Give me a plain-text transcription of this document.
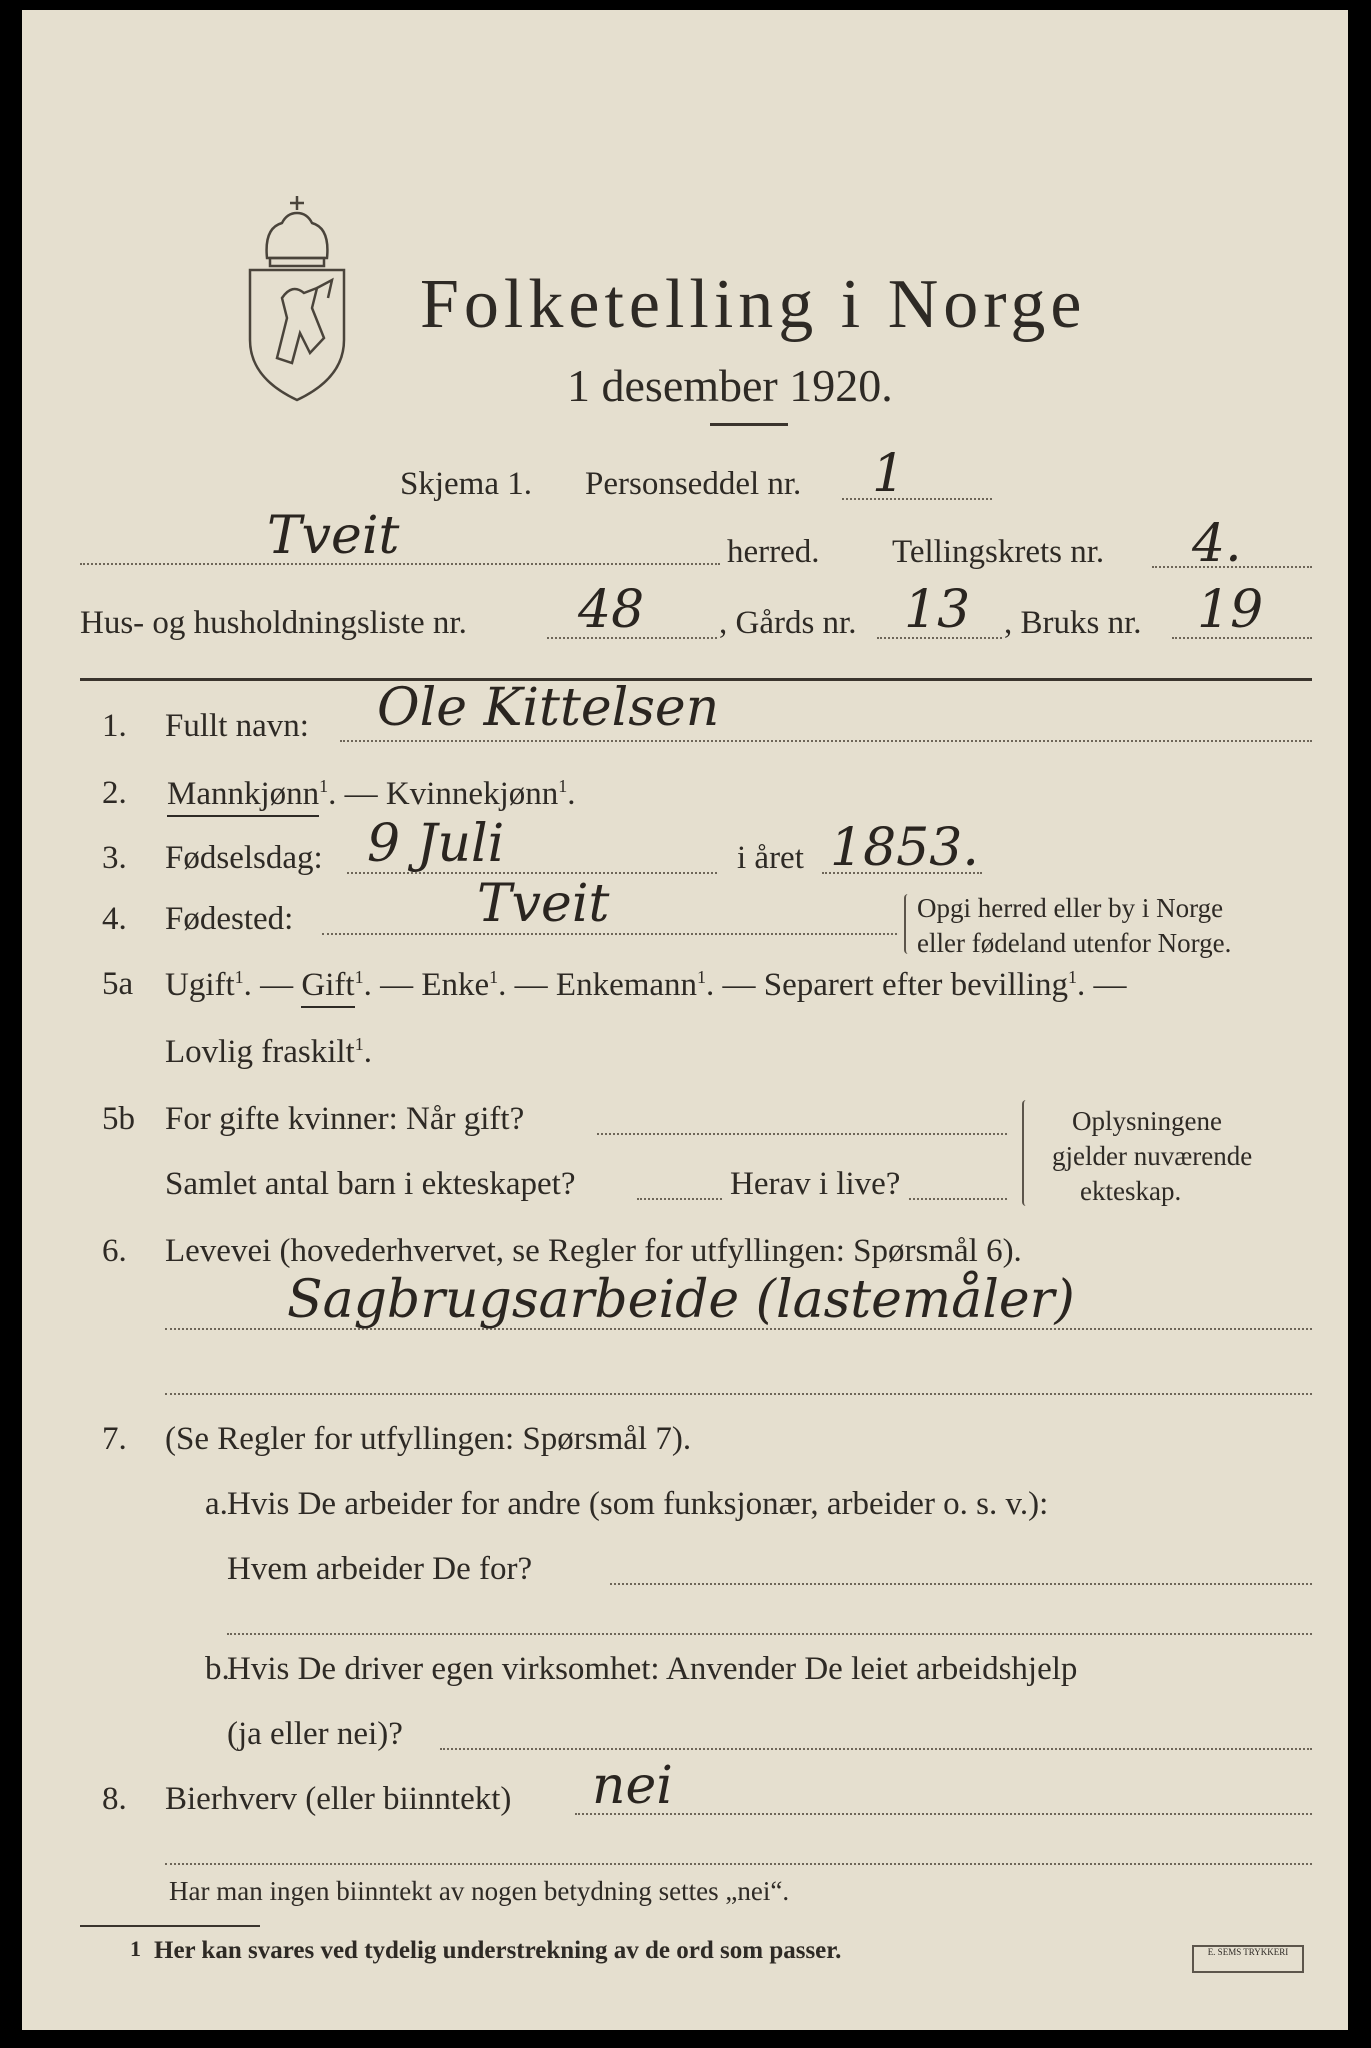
Folketelling i Norge
1 desember 1920.
Skjema 1. Personseddel nr. 1
Tveit	herred. Tellingskrets nr. 4.
Hus- og husholdningsliste nr. 48 , Gårds nr. 13 , Bruks nr. 19
1. Fullt navn: Ole Kittelsen
2. Mannkjønn$^1$. — Kvinnekjønn$^1$.
3. Fødselsdag: 9 Juli	i året 1853.
4. Fødested:	Tveit	Opgi herred eller by i Norge
eller fødeland utenfor Norge.
5a Ugift$^1$. — Gift$^1$. — Enke$^1$. — Enkemann$^1$. — Separert efter bevilling$^1$. —
Lovlig fraskilt$^1$.
5b For gifte kvinner: Når gift?
Samlet antal barn i ekteskapet?	Herav i live?
Oplysningene
gjelder nuværende
ekteskap.
6. Levevei (hovederhvervet, se Regler for utfyllingen: Spørsmål 6).
Sagbrugsarbeide (lastemåler)
7. (Se Regler for utfyllingen: Spørsmål 7).
a. Hvis De arbeider for andre (som funksjonær, arbeider o. s. v.):
Hvem arbeider De for?
b.
Hvis De driver egen virksomhet: Anvender De leiet arbeidshjelp
(ja eller nei)?
8. Bierhverv (eller biinntekt) nei
Har man ingen biinntekt av nogen betydning settes „nei“.
1 Her kan svares ved tydelig understrekning av de ord som passer.	E. SEMS TRYKKERI
